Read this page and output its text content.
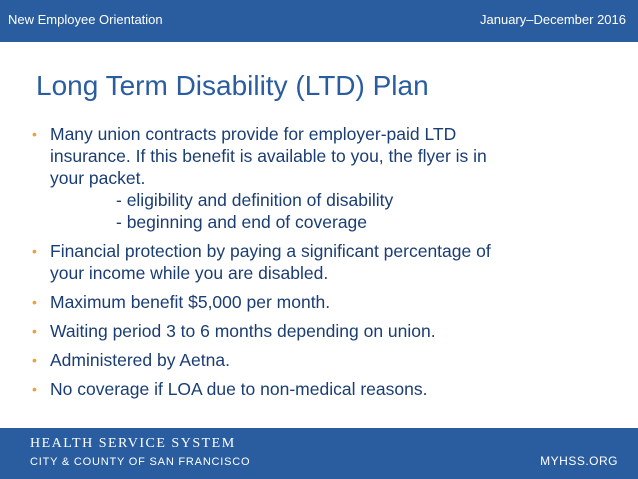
New Employee Orientation	January–December 2016
Long Term Disability (LTD) Plan
• Many union contracts provide for employer-paid LTD
insurance. If this benefit is available to you, the flyer is in
your packet.
- eligibility and definition of disability
- beginning and end of coverage
• Financial protection by paying a significant percentage of
your income while you are disabled.
• Maximum benefit $5,000 per month.
• Waiting period 3 to 6 months depending on union.
• Administered by Aetna.
• No coverage if LOA due to non-medical reasons.
HEALTH SERVICE SYSTEM
CITY & COUNTY OF SAN FRANCISCO	MYHSS.ORG
